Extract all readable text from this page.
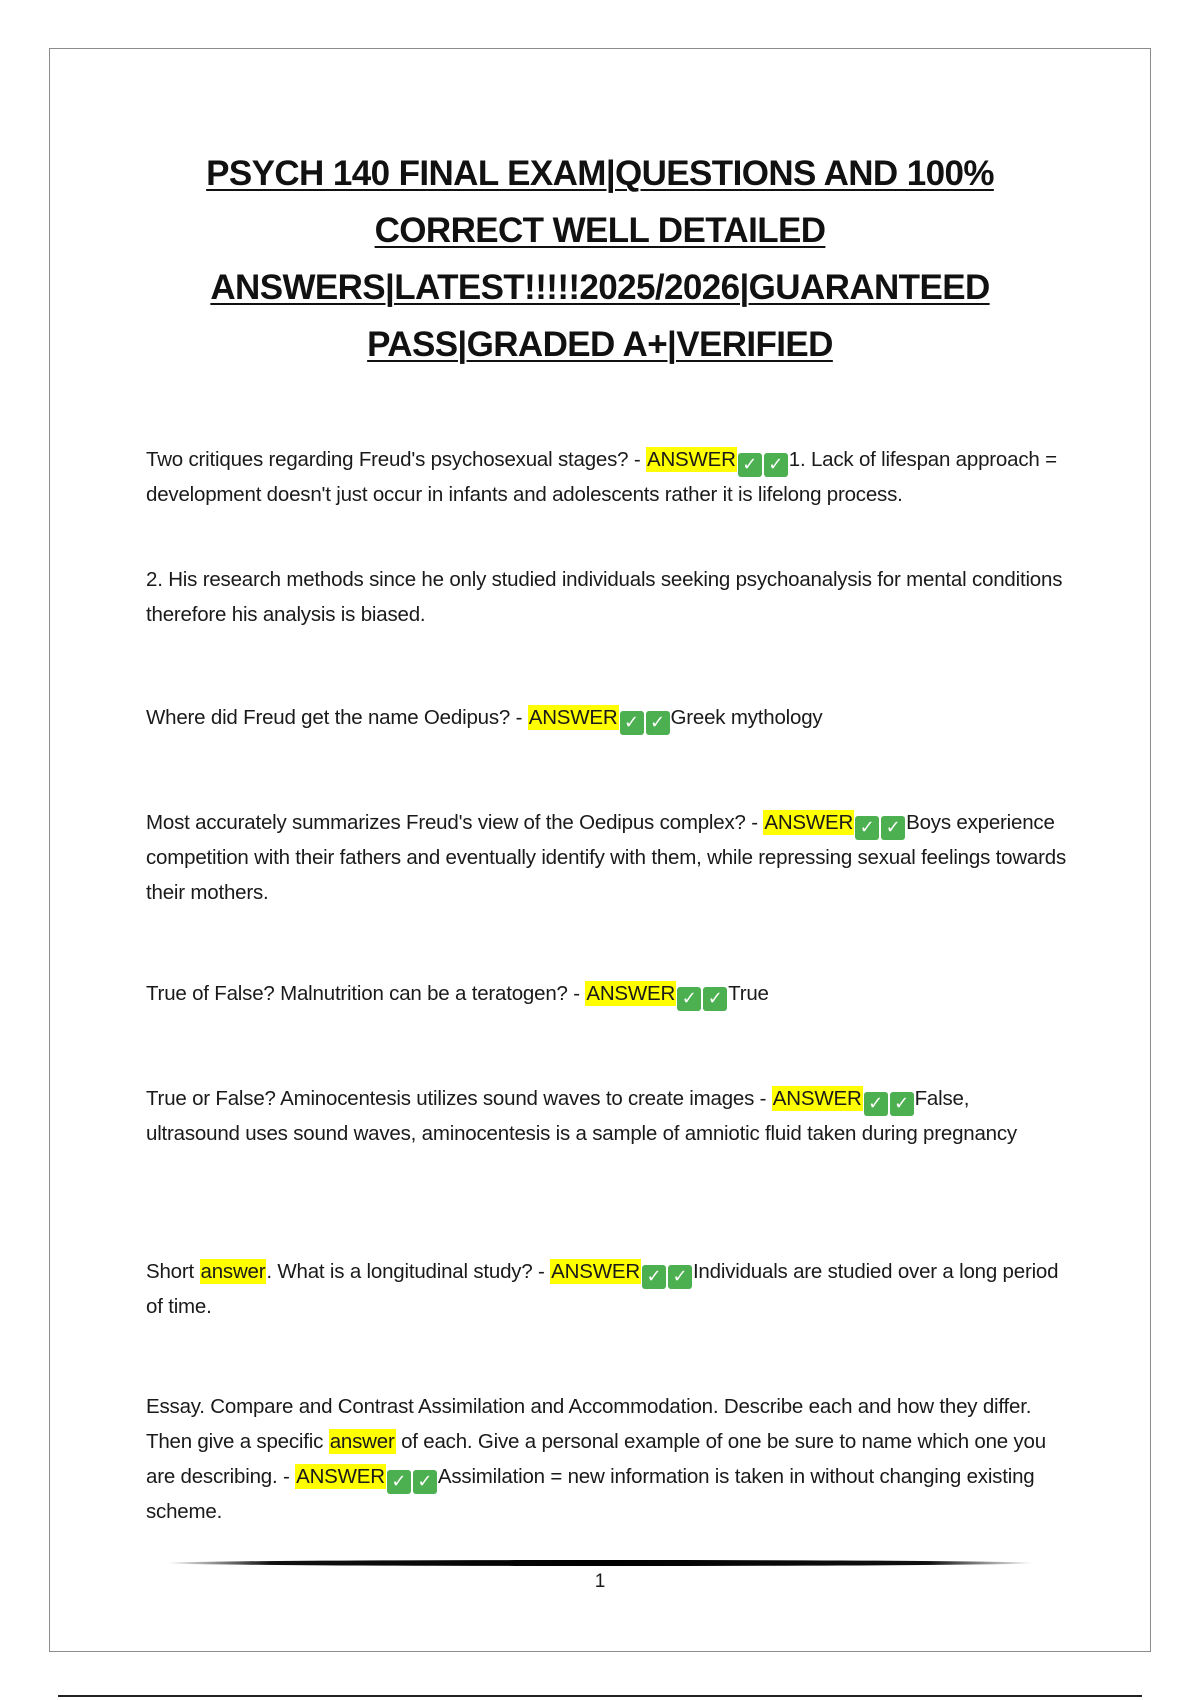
PSYCH 140 FINAL EXAM|QUESTIONS AND 100%
CORRECT WELL DETAILED
ANSWERS|LATEST!!!!!2025/2026|GUARANTEED
PASS|GRADED A+|VERIFIED

Two critiques regarding Freud's psychosexual stages? - ANSWER ✓ ✓ 1. Lack of lifespan approach = development doesn't just occur in infants and adolescents rather it is lifelong process.

2. His research methods since he only studied individuals seeking psychoanalysis for mental conditions therefore his analysis is biased.

Where did Freud get the name Oedipus? - ANSWER ✓ ✓ Greek mythology

Most accurately summarizes Freud's view of the Oedipus complex? - ANSWER ✓ ✓ Boys experience competition with their fathers and eventually identify with them, while repressing sexual feelings towards their mothers.

True of False? Malnutrition can be a teratogen? - ANSWER ✓ ✓ True

True or False? Aminocentesis utilizes sound waves to create images - ANSWER ✓ ✓ False, ultrasound uses sound waves, aminocentesis is a sample of amniotic fluid taken during pregnancy

Short answer. What is a longitudinal study? - ANSWER ✓ ✓ Individuals are studied over a long period of time.

Essay. Compare and Contrast Assimilation and Accommodation. Describe each and how they differ. Then give a specific answer of each. Give a personal example of one be sure to name which one you are describing. - ANSWER ✓ ✓ Assimilation = new information is taken in without changing existing scheme.

1
